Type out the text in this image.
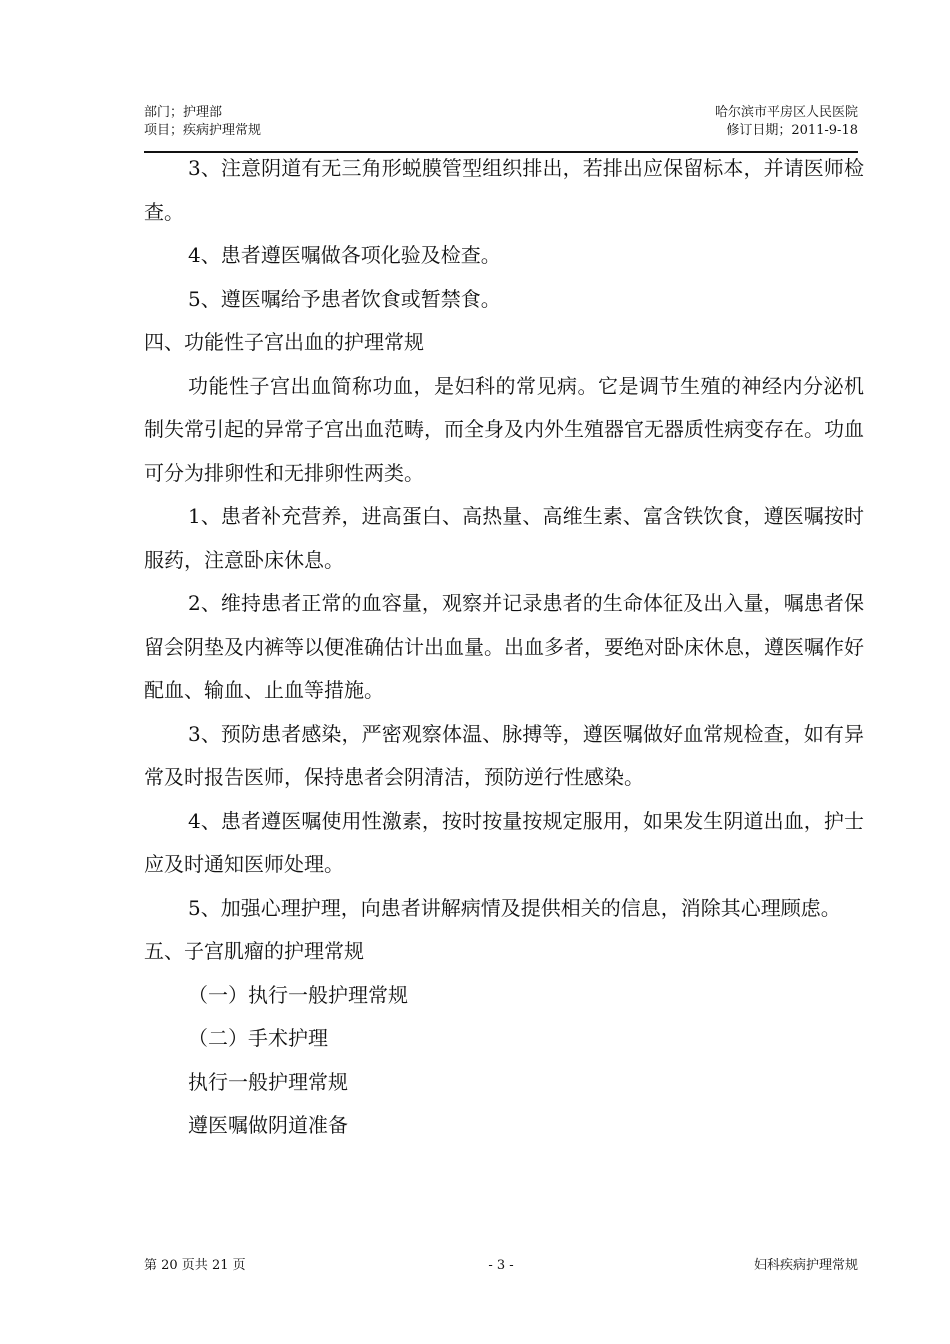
部门；护理部	哈尔滨市平房区人民医院
项目；疾病护理常规	修订日期；2011-9-18

3、注意阴道有无三角形蜕膜管型组织排出，若排出应保留标本，并请医师检查。

4、患者遵医嘱做各项化验及检查。

5、遵医嘱给予患者饮食或暂禁食。

四、功能性子宫出血的护理常规

功能性子宫出血简称功血，是妇科的常见病。它是调节生殖的神经内分泌机制失常引起的异常子宫出血范畴，而全身及内外生殖器官无器质性病变存在。功血可分为排卵性和无排卵性两类。

1、患者补充营养，进高蛋白、高热量、高维生素、富含铁饮食，遵医嘱按时服药，注意卧床休息。

2、维持患者正常的血容量，观察并记录患者的生命体征及出入量，嘱患者保留会阴垫及内裤等以便准确估计出血量。出血多者，要绝对卧床休息，遵医嘱作好配血、输血、止血等措施。

3、预防患者感染，严密观察体温、脉搏等，遵医嘱做好血常规检查，如有异常及时报告医师，保持患者会阴清洁，预防逆行性感染。

4、患者遵医嘱使用性激素，按时按量按规定服用，如果发生阴道出血，护士应及时通知医师处理。

5、加强心理护理，向患者讲解病情及提供相关的信息，消除其心理顾虑。

五、子宫肌瘤的护理常规

（一）执行一般护理常规

（二）手术护理

执行一般护理常规

遵医嘱做阴道准备

第 20 页共 21 页	- 3 -	妇科疾病护理常规
